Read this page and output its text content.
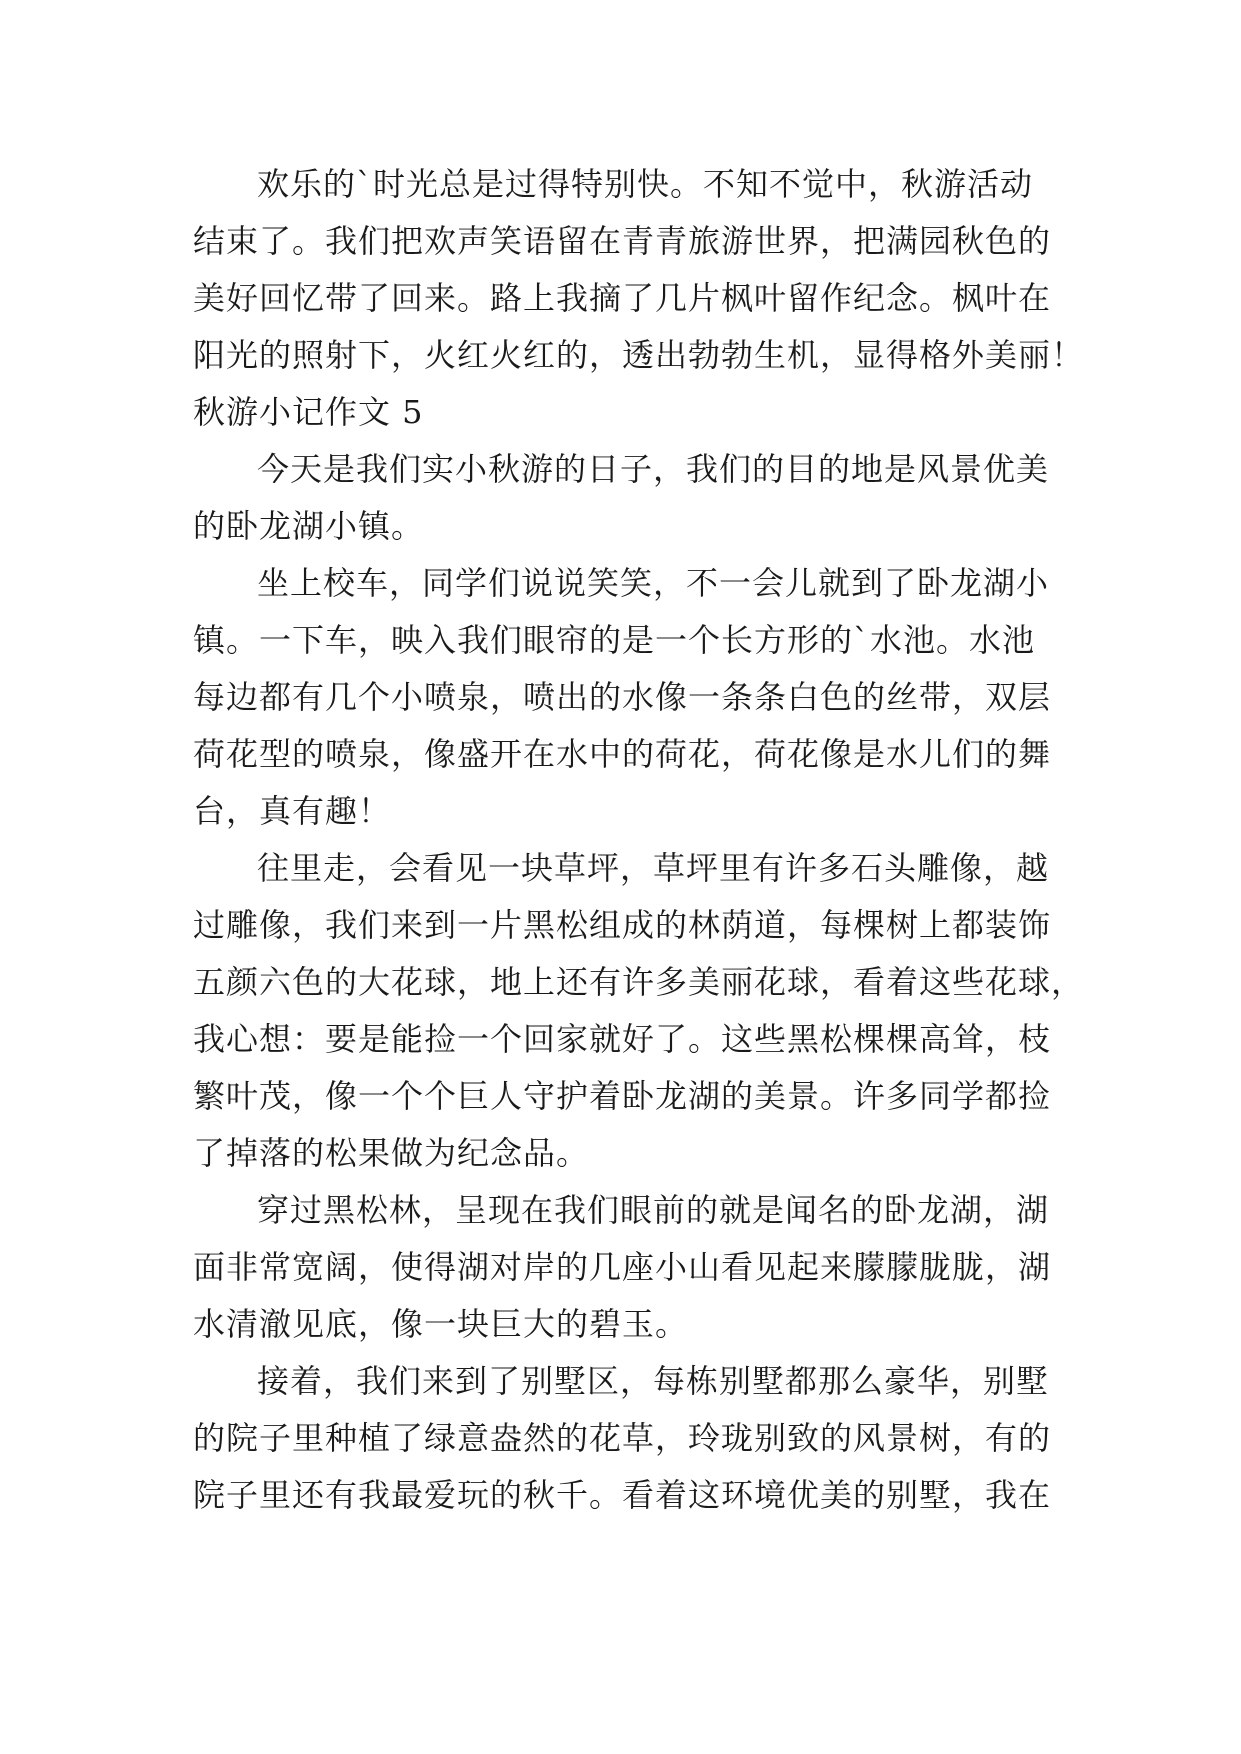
欢乐的`时光总是过得特别快。不知不觉中，秋游活动
结束了。我们把欢声笑语留在青青旅游世界，把满园秋色的
美好回忆带了回来。路上我摘了几片枫叶留作纪念。枫叶在
阳光的照射下，火红火红的，透出勃勃生机，显得格外美丽！
秋游小记作文 5
今天是我们实小秋游的日子，我们的目的地是风景优美
的卧龙湖小镇。
坐上校车，同学们说说笑笑，不一会儿就到了卧龙湖小
镇。一下车，映入我们眼帘的是一个长方形的`水池。水池
每边都有几个小喷泉，喷出的水像一条条白色的丝带，双层
荷花型的喷泉，像盛开在水中的荷花，荷花像是水儿们的舞
台，真有趣！
往里走，会看见一块草坪，草坪里有许多石头雕像，越
过雕像，我们来到一片黑松组成的林荫道，每棵树上都装饰
五颜六色的大花球，地上还有许多美丽花球，看着这些花球，
我心想：要是能捡一个回家就好了。这些黑松棵棵高耸，枝
繁叶茂，像一个个巨人守护着卧龙湖的美景。许多同学都捡
了掉落的松果做为纪念品。
穿过黑松林，呈现在我们眼前的就是闻名的卧龙湖，湖
面非常宽阔，使得湖对岸的几座小山看见起来朦朦胧胧，湖
水清澈见底，像一块巨大的碧玉。
接着，我们来到了别墅区，每栋别墅都那么豪华，别墅
的院子里种植了绿意盎然的花草，玲珑别致的风景树，有的
院子里还有我最爱玩的秋千。看着这环境优美的别墅，我在
